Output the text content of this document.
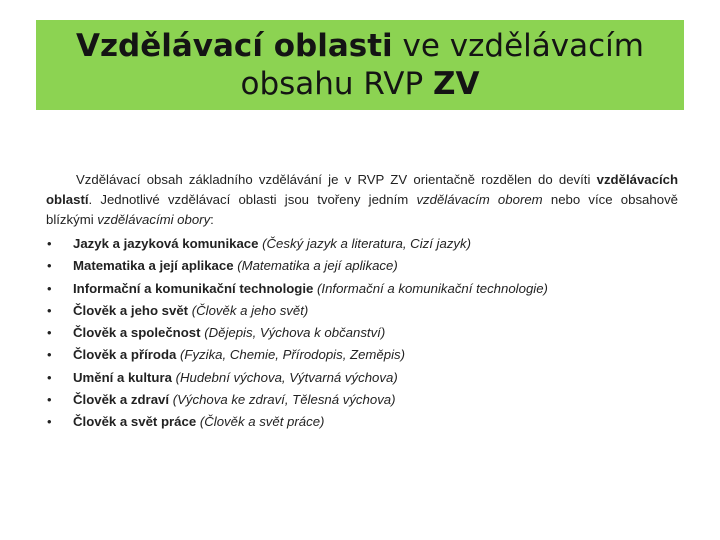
Vzdělávací oblasti ve vzdělávacím
obsahu RVP ZV
Vzdělávací obsah základního vzdělávání je v RVP ZV orientačně rozdělen do devíti vzdělávacích oblastí. Jednotlivé vzdělávací oblasti jsou tvořeny jedním vzdělávacím oborem nebo více obsahově blízkými vzdělávacími obory:
• Jazyk a jazyková komunikace (Český jazyk a literatura, Cizí jazyk)
• Matematika a její aplikace (Matematika a její aplikace)
• Informační a komunikační technologie (Informační a komunikační technologie)
• Člověk a jeho svět (Člověk a jeho svět)
• Člověk a společnost (Dějepis, Výchova k občanství)
• Člověk a příroda (Fyzika, Chemie, Přírodopis, Zeměpis)
• Umění a kultura (Hudební výchova, Výtvarná výchova)
• Člověk a zdraví (Výchova ke zdraví, Tělesná výchova)
• Člověk a svět práce (Člověk a svět práce)
